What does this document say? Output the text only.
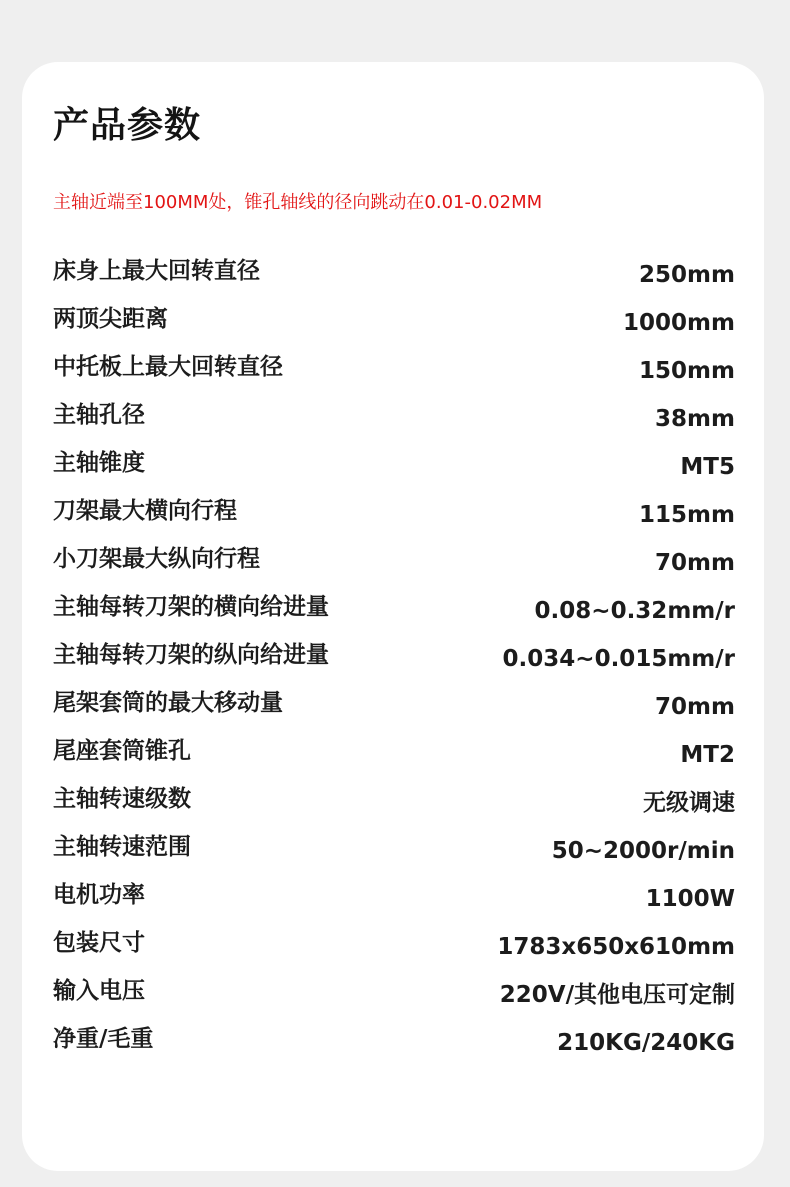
产品参数
主轴近端至100MM处，锥孔轴线的径向跳动在0.01-0.02MM
床身上最大回转直径	250mm
两顶尖距离	1000mm
中托板上最大回转直径	150mm
主轴孔径	38mm
主轴锥度	MT5
刀架最大横向行程	115mm
小刀架最大纵向行程	70mm
主轴每转刀架的横向给进量	0.08~0.32mm/r
主轴每转刀架的纵向给进量	0.034~0.015mm/r
尾架套筒的最大移动量	70mm
尾座套筒锥孔	MT2
主轴转速级数	无级调速
主轴转速范围	50~2000r/min
电机功率	1100W
包装尺寸	1783x650x610mm
输入电压	220V/其他电压可定制
净重/毛重	210KG/240KG
